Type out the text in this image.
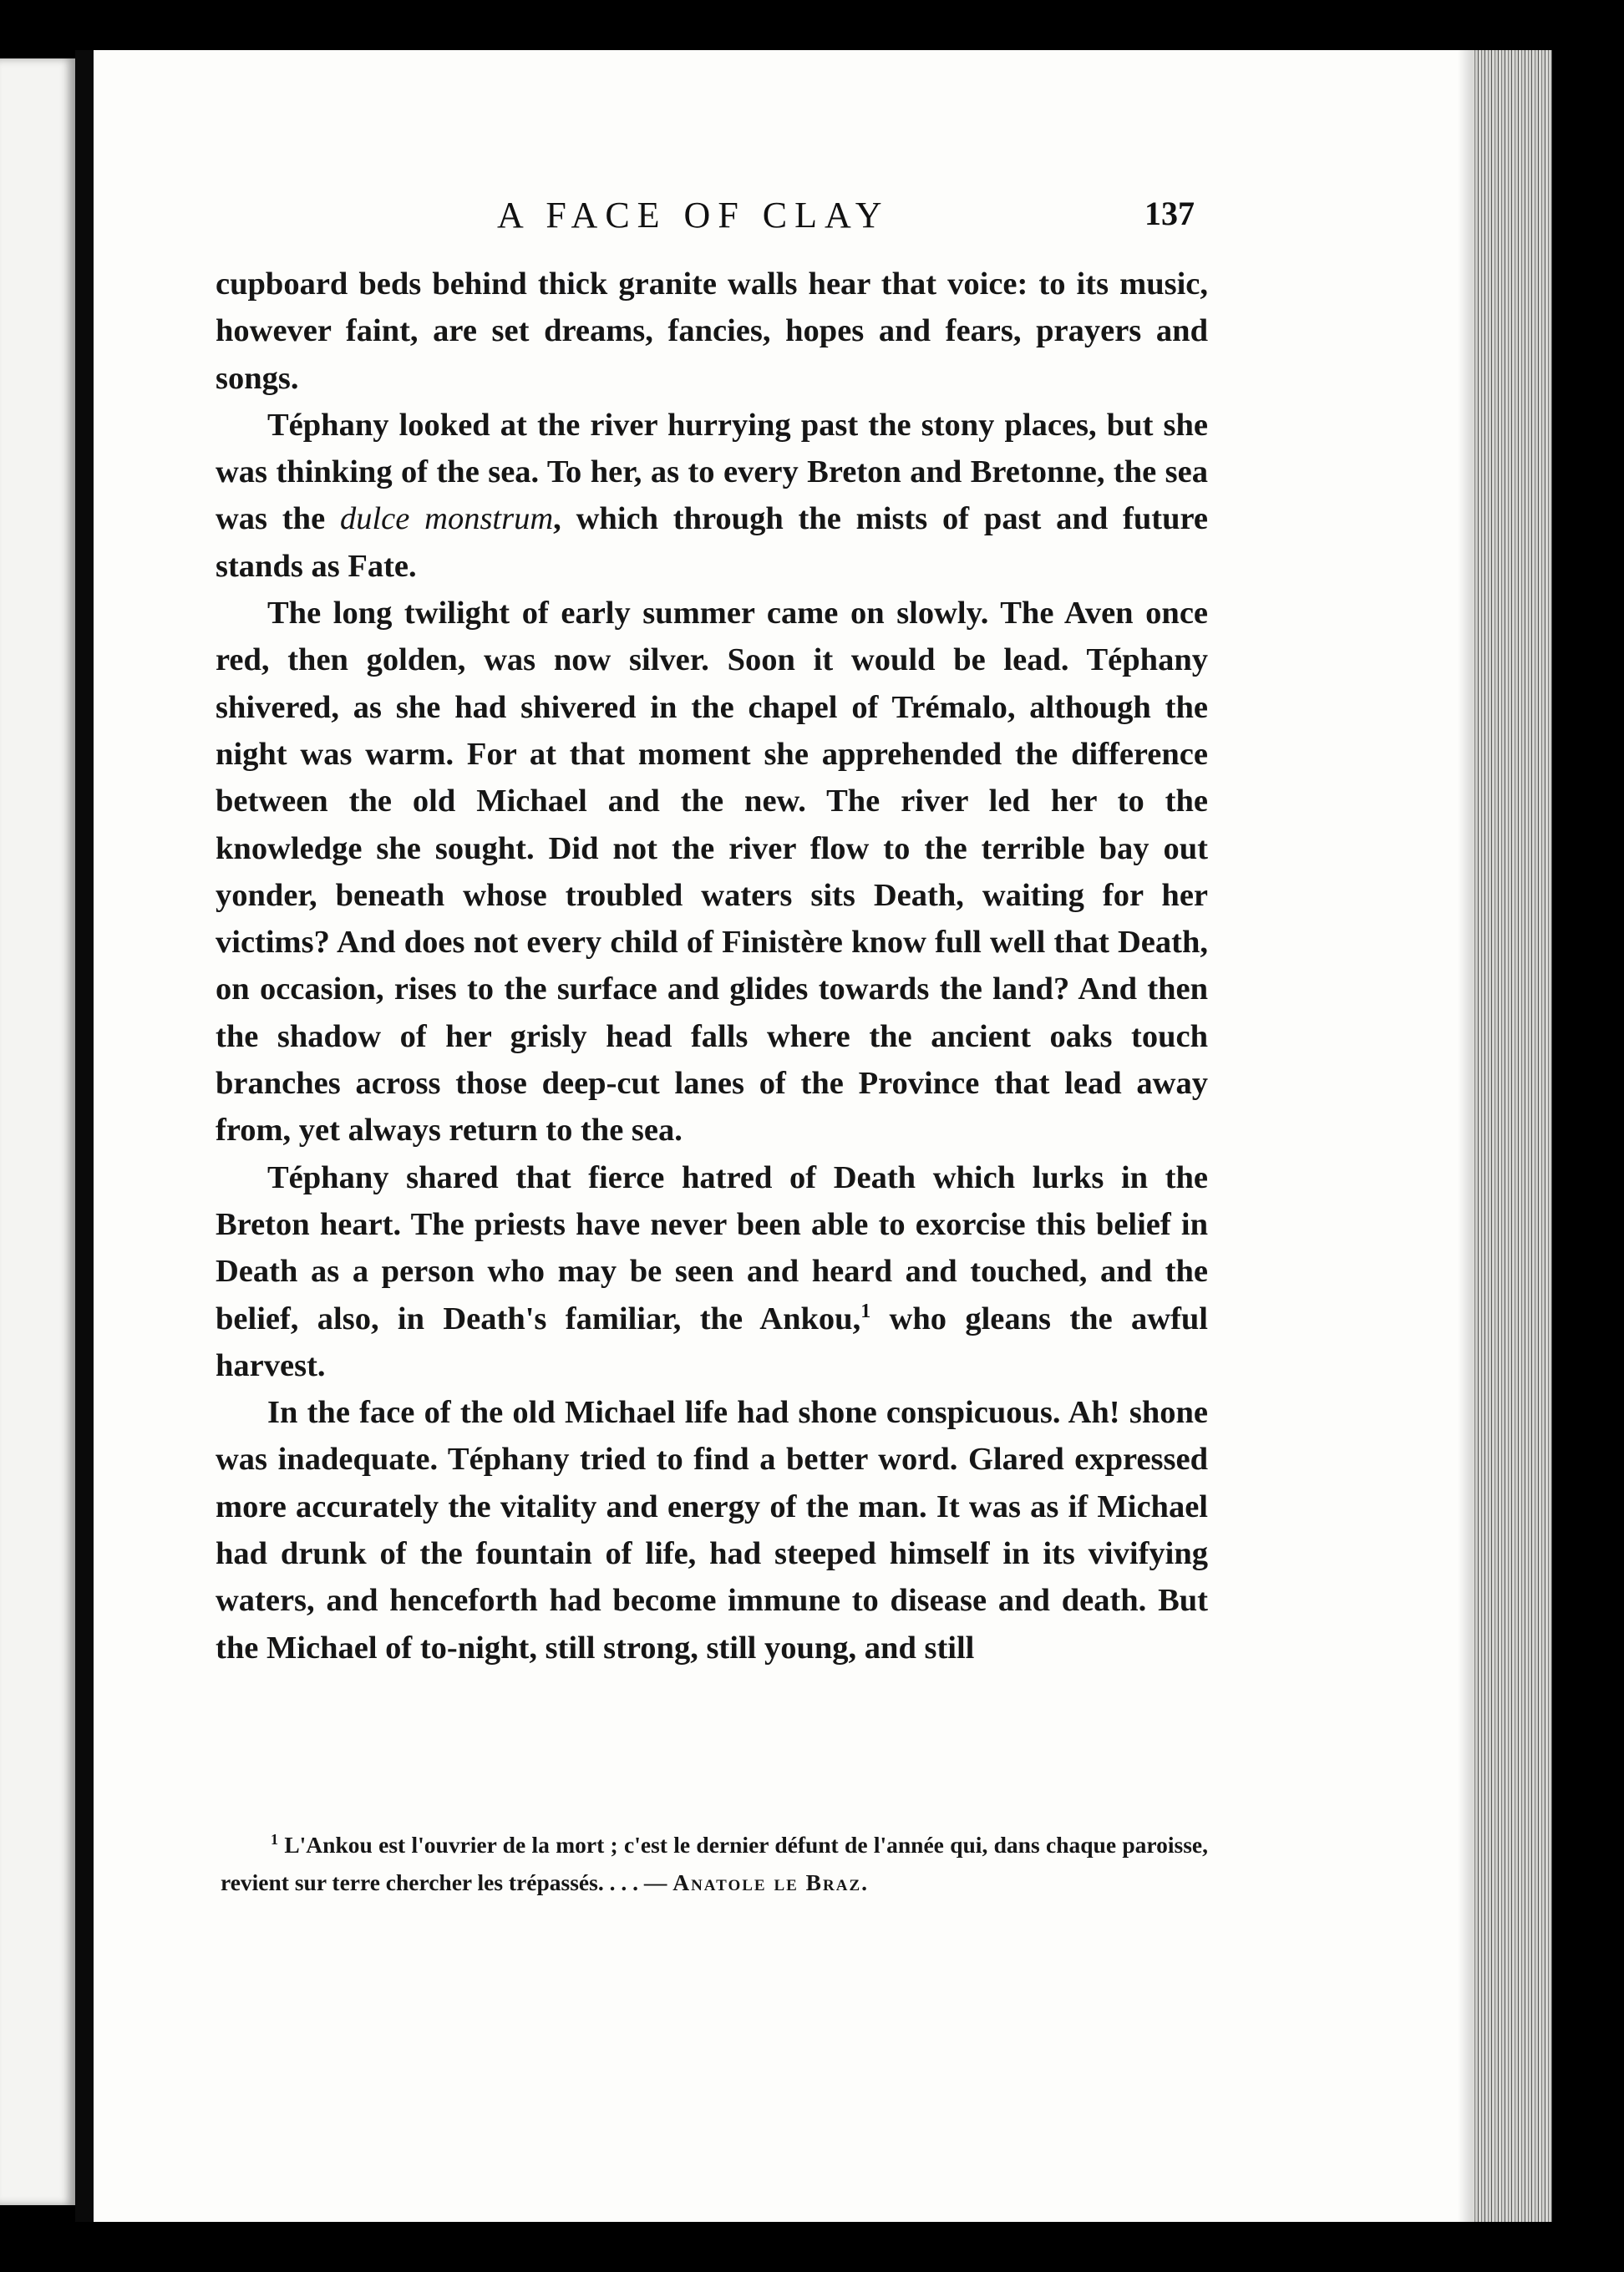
A FACE OF CLAY	137

cupboard beds behind thick granite walls hear that voice: to its music, however faint, are set dreams, fancies, hopes and fears, prayers and songs.

Téphany looked at the river hurrying past the stony places, but she was thinking of the sea. To her, as to every Breton and Bretonne, the sea was the dulce monstrum, which through the mists of past and future stands as Fate.

The long twilight of early summer came on slowly. The Aven once red, then golden, was now silver. Soon it would be lead. Téphany shivered, as she had shivered in the chapel of Trémalo, although the night was warm. For at that moment she apprehended the difference between the old Michael and the new. The river led her to the knowledge she sought. Did not the river flow to the terrible bay out yonder, beneath whose troubled waters sits Death, waiting for her victims? And does not every child of Finistère know full well that Death, on occasion, rises to the surface and glides towards the land? And then the shadow of her grisly head falls where the ancient oaks touch branches across those deep-cut lanes of the Province that lead away from, yet always return to the sea.

Téphany shared that fierce hatred of Death which lurks in the Breton heart. The priests have never been able to exorcise this belief in Death as a person who may be seen and heard and touched, and the belief, also, in Death's familiar, the Ankou,$^1$ who gleans the awful harvest.

In the face of the old Michael life had shone conspicuous. Ah! shone was inadequate. Téphany tried to find a better word. Glared expressed more accurately the vitality and energy of the man. It was as if Michael had drunk of the fountain of life, had steeped himself in its vivifying waters, and henceforth had become immune to disease and death. But the Michael of to-night, still strong, still young, and still

$^1$ L'Ankou est l'ouvrier de la mort ; c'est le dernier défunt de l'année qui, dans chaque paroisse, revient sur terre chercher les trépassés. . . . — Anatole le Braz.
